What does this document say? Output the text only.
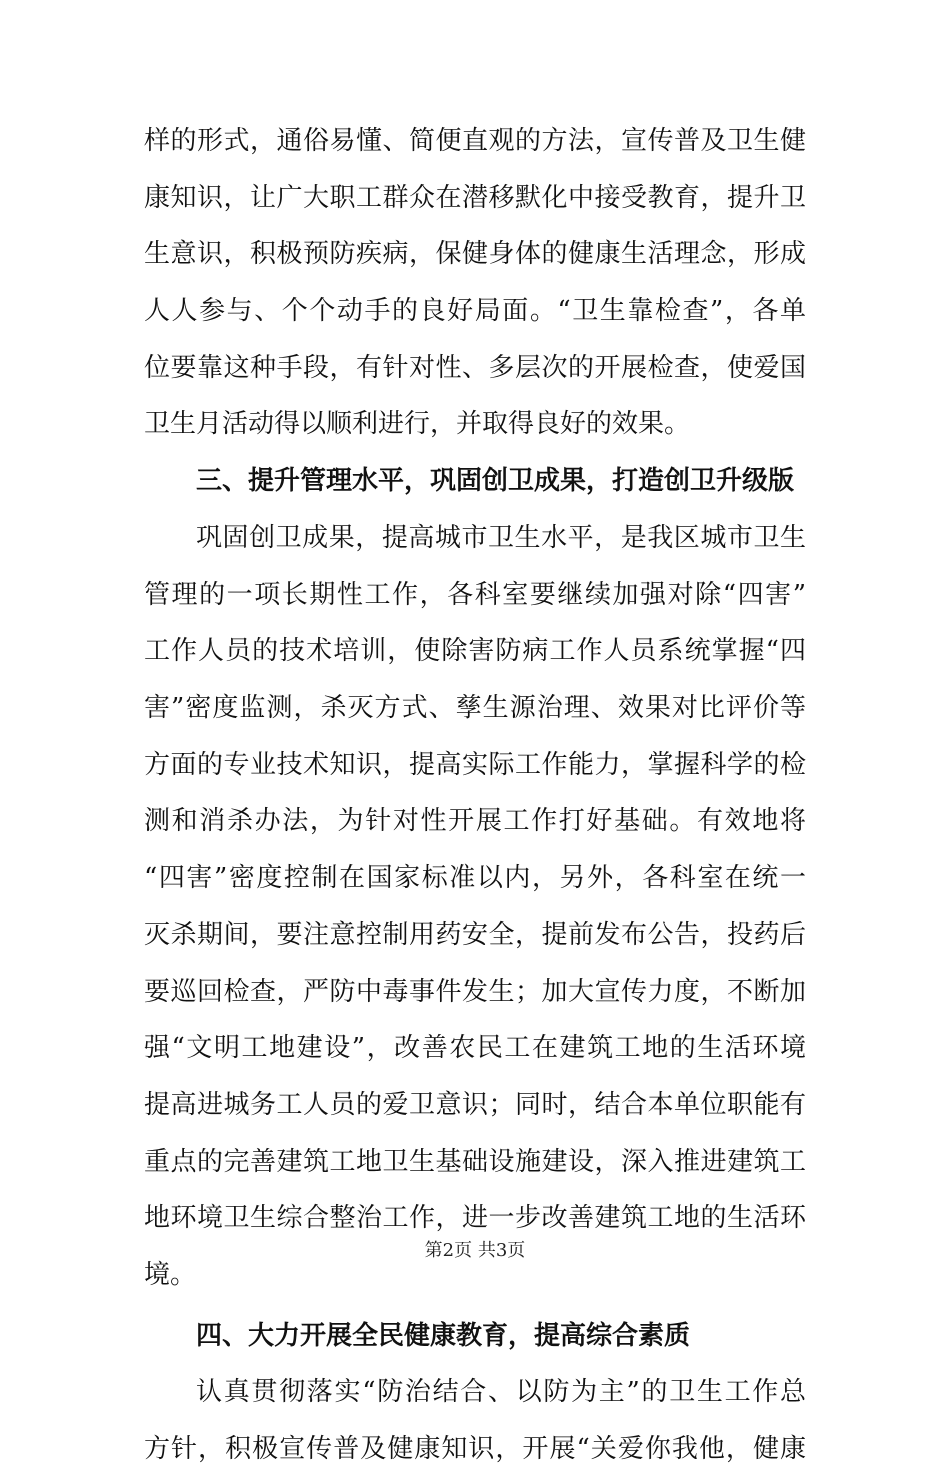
样的形式，通俗易懂、简便直观的方法，宣传普及卫生健
康知识，让广大职工群众在潜移默化中接受教育，提升卫
生意识，积极预防疾病，保健身体的健康生活理念，形成
人人参与、个个动手的良好局面。“卫生靠检查”，各单
位要靠这种手段，有针对性、多层次的开展检查，使爱国
卫生月活动得以顺利进行，并取得良好的效果。
三、提升管理水平，巩固创卫成果，打造创卫升级版
巩固创卫成果，提高城市卫生水平，是我区城市卫生
管理的一项长期性工作，各科室要继续加强对除“四害”
工作人员的技术培训，使除害防病工作人员系统掌握“四
害”密度监测，杀灭方式、孳生源治理、效果对比评价等
方面的专业技术知识，提高实际工作能力，掌握科学的检
测和消杀办法，为针对性开展工作打好基础。有效地将
“四害”密度控制在国家标准以内，另外，各科室在统一
灭杀期间，要注意控制用药安全，提前发布公告，投药后
要巡回检查，严防中毒事件发生；加大宣传力度，不断加
强“文明工地建设”，改善农民工在建筑工地的生活环境
提高进城务工人员的爱卫意识；同时，结合本单位职能有
重点的完善建筑工地卫生基础设施建设，深入推进建筑工
地环境卫生综合整治工作，进一步改善建筑工地的生活环
境。
四、大力开展全民健康教育，提高综合素质
认真贯彻落实“防治结合、以防为主”的卫生工作总
方针，积极宣传普及健康知识，开展“关爱你我他，健康
第2页 共3页
